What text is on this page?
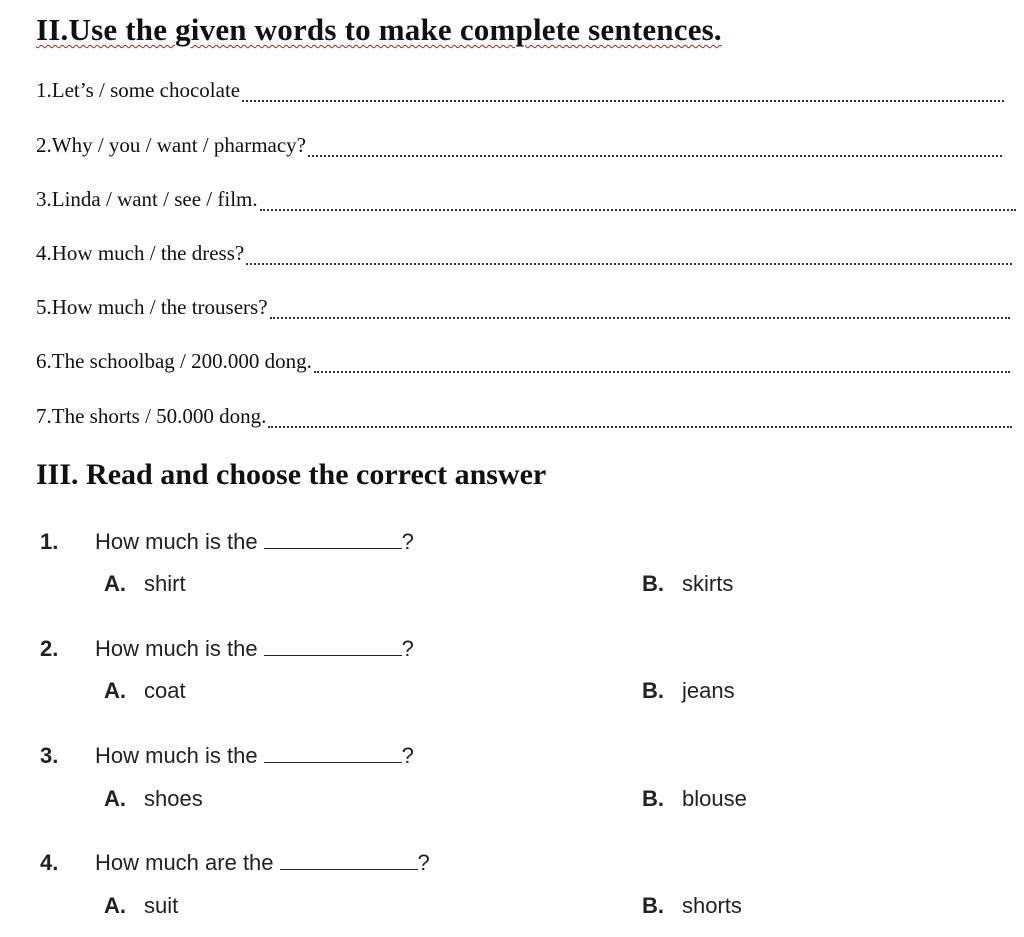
II.Use the given words to make complete sentences.
1.Let’s / some chocolate
2.Why / you / want / pharmacy?
3.Linda / want / see / film.
4.How much / the dress?
5.How much / the trousers?
6.The schoolbag / 200.000 dong.
7.The shorts / 50.000 dong.
III. Read and choose the correct answer
1. How much is the	?
A. shirt	B. skirts
2. How much is the	?
A. coat	B. jeans
3. How much is the	?
A. shoes	B. blouse
4. How much are the	?
A. suit	B. shorts
